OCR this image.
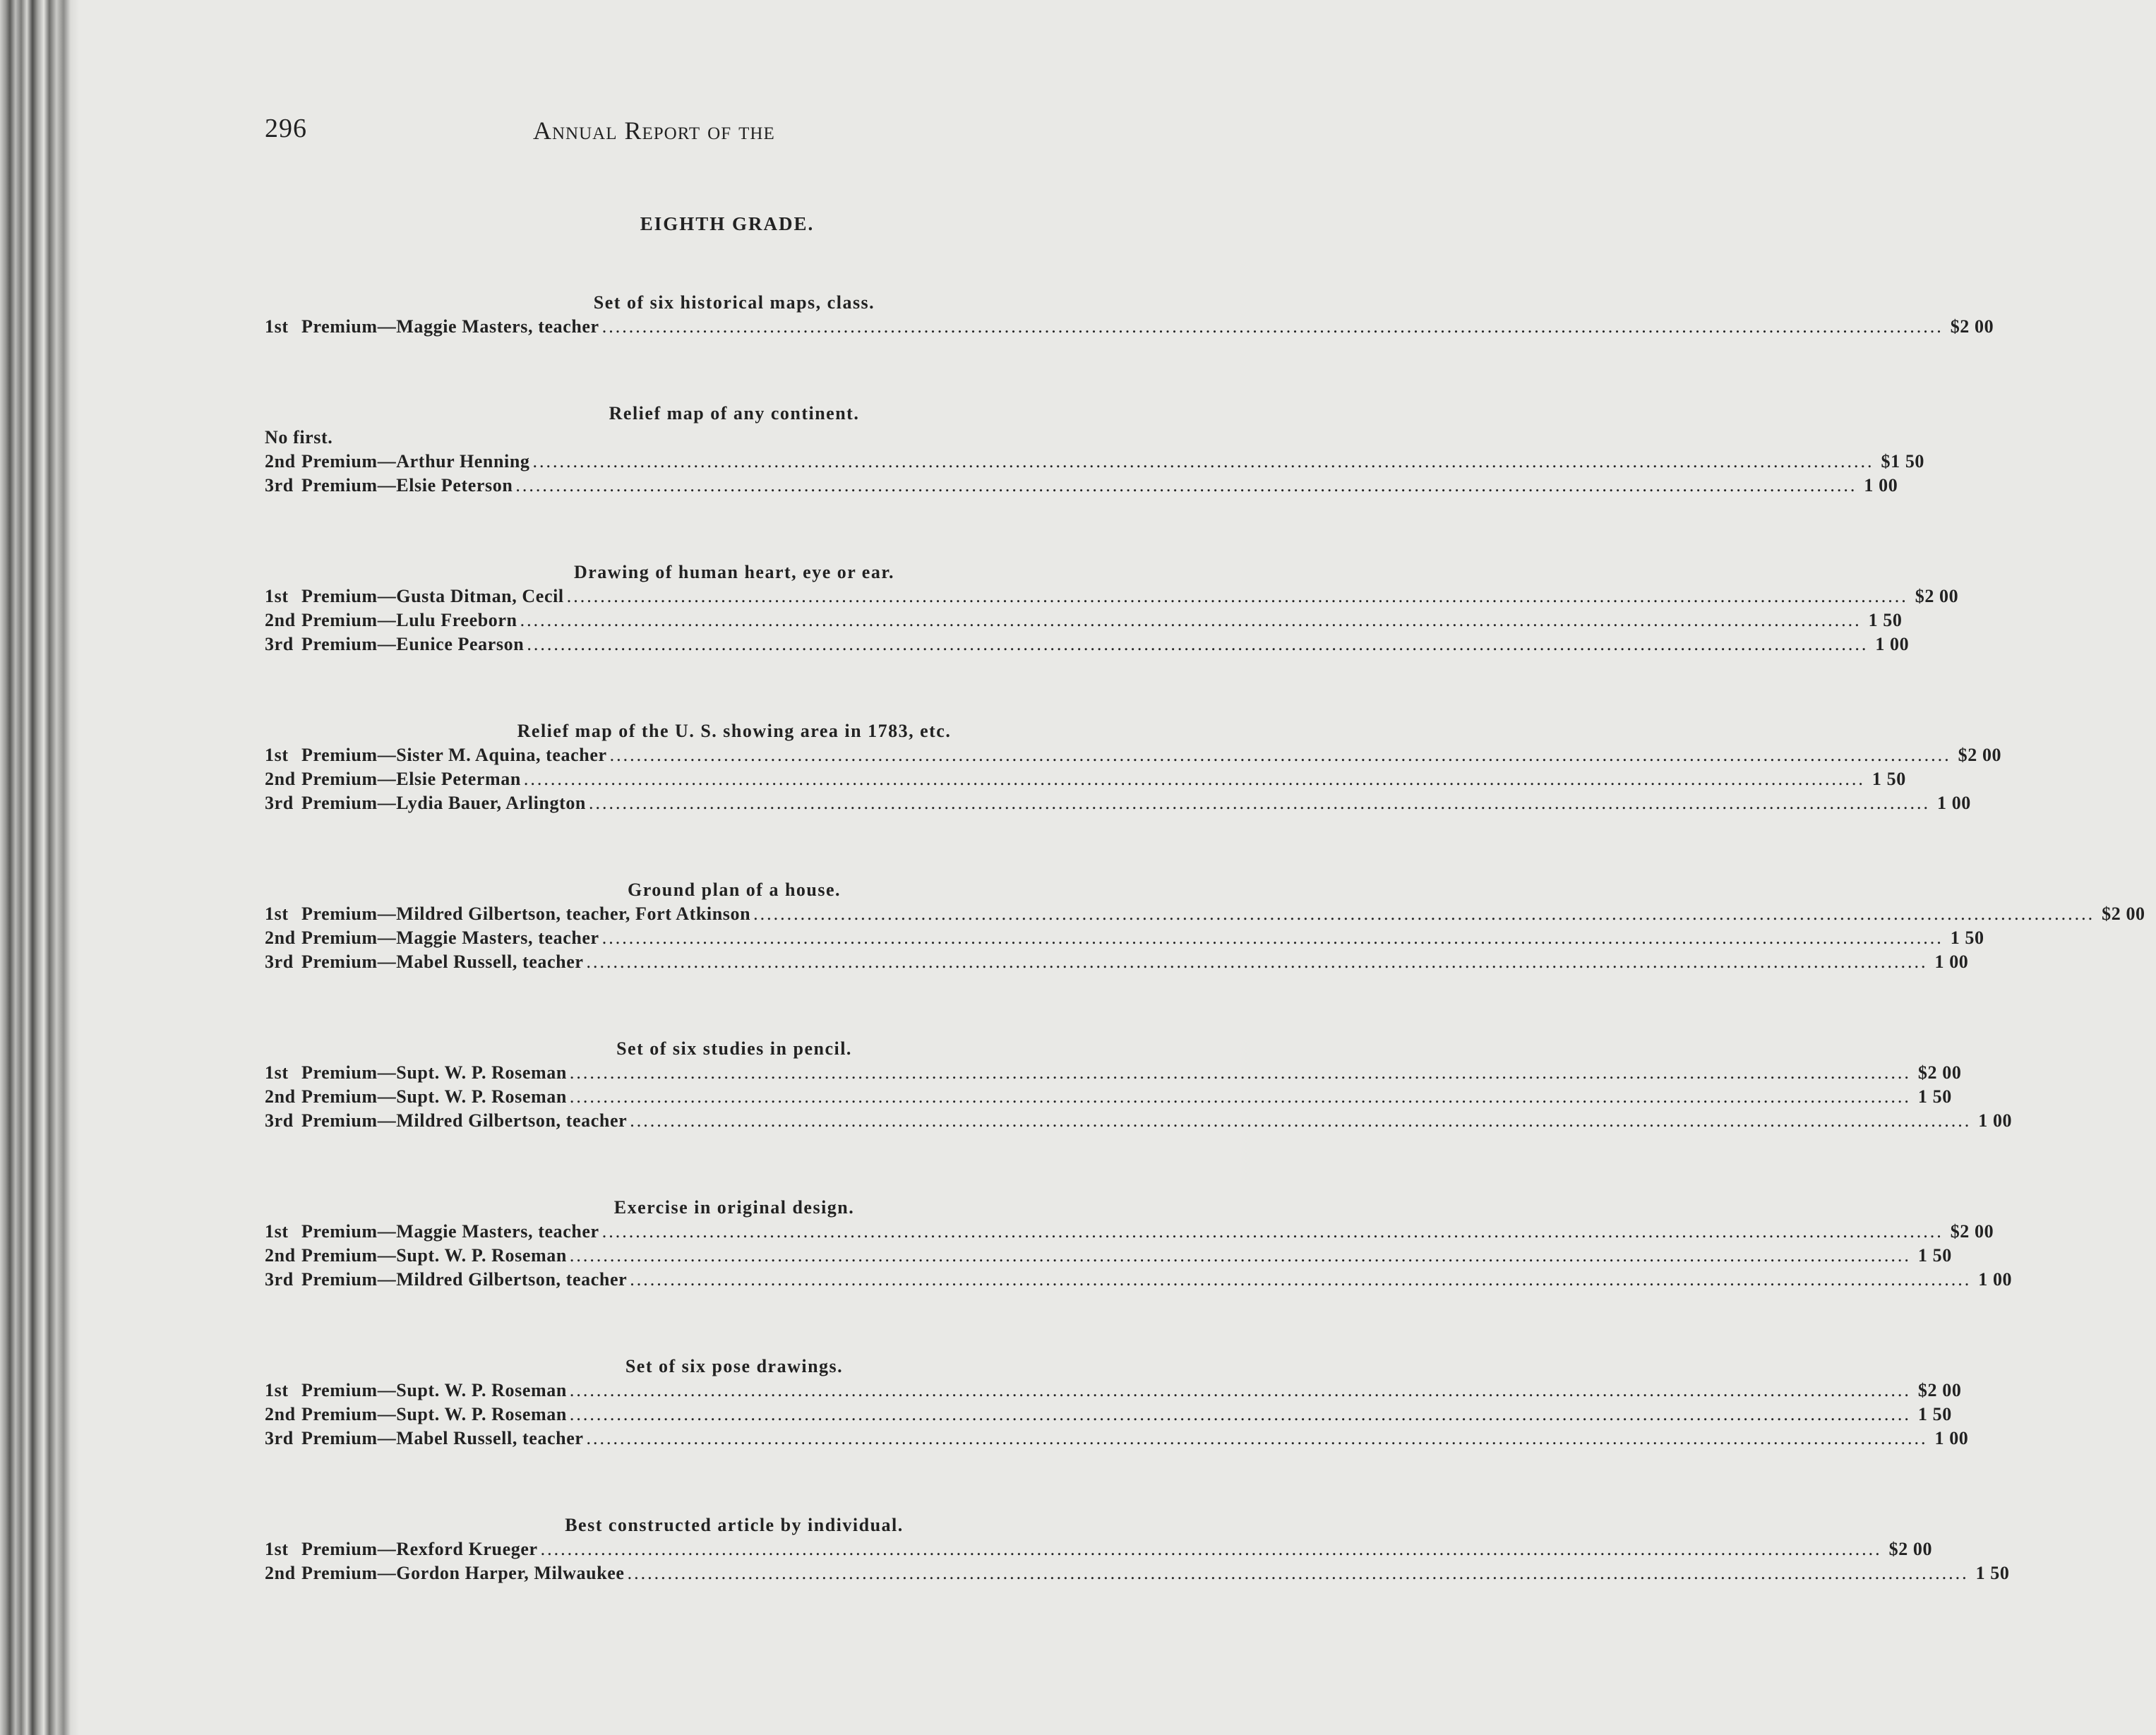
296	Annual Report of the
EIGHTH GRADE.
Set of six historical maps, class.
1st Premium—Maggie Masters, teacher ........................................................................................................................................................................................................ $2 00
Relief map of any continent.
No first.
2nd Premium—Arthur Henning ........................................................................................................................................................................................................ $1 50
3rd Premium—Elsie Peterson ........................................................................................................................................................................................................ 1 00
Drawing of human heart, eye or ear.
1st Premium—Gusta Ditman, Cecil ........................................................................................................................................................................................................ $2 00
2nd Premium—Lulu Freeborn ........................................................................................................................................................................................................ 1 50
3rd Premium—Eunice Pearson ........................................................................................................................................................................................................ 1 00
Relief map of the U. S. showing area in 1783, etc.
1st Premium—Sister M. Aquina, teacher ........................................................................................................................................................................................................ $2 00
2nd Premium—Elsie Peterman ........................................................................................................................................................................................................ 1 50
3rd Premium—Lydia Bauer, Arlington ........................................................................................................................................................................................................ 1 00
Ground plan of a house.
1st Premium—Mildred Gilbertson, teacher, Fort Atkinson ........................................................................................................................................................................................................ $2 00
2nd Premium—Maggie Masters, teacher ........................................................................................................................................................................................................ 1 50
3rd Premium—Mabel Russell, teacher ........................................................................................................................................................................................................ 1 00
Set of six studies in pencil.
1st Premium—Supt. W. P. Roseman ........................................................................................................................................................................................................ $2 00
2nd Premium—Supt. W. P. Roseman ........................................................................................................................................................................................................ 1 50
3rd Premium—Mildred Gilbertson, teacher ........................................................................................................................................................................................................ 1 00
Exercise in original design.
1st Premium—Maggie Masters, teacher ........................................................................................................................................................................................................ $2 00
2nd Premium—Supt. W. P. Roseman ........................................................................................................................................................................................................ 1 50
3rd Premium—Mildred Gilbertson, teacher ........................................................................................................................................................................................................ 1 00
Set of six pose drawings.
1st Premium—Supt. W. P. Roseman ........................................................................................................................................................................................................ $2 00
2nd Premium—Supt. W. P. Roseman ........................................................................................................................................................................................................ 1 50
3rd Premium—Mabel Russell, teacher ........................................................................................................................................................................................................ 1 00
Best constructed article by individual.
1st Premium—Rexford Krueger ........................................................................................................................................................................................................ $2 00
2nd Premium—Gordon Harper, Milwaukee ........................................................................................................................................................................................................ 1 50
